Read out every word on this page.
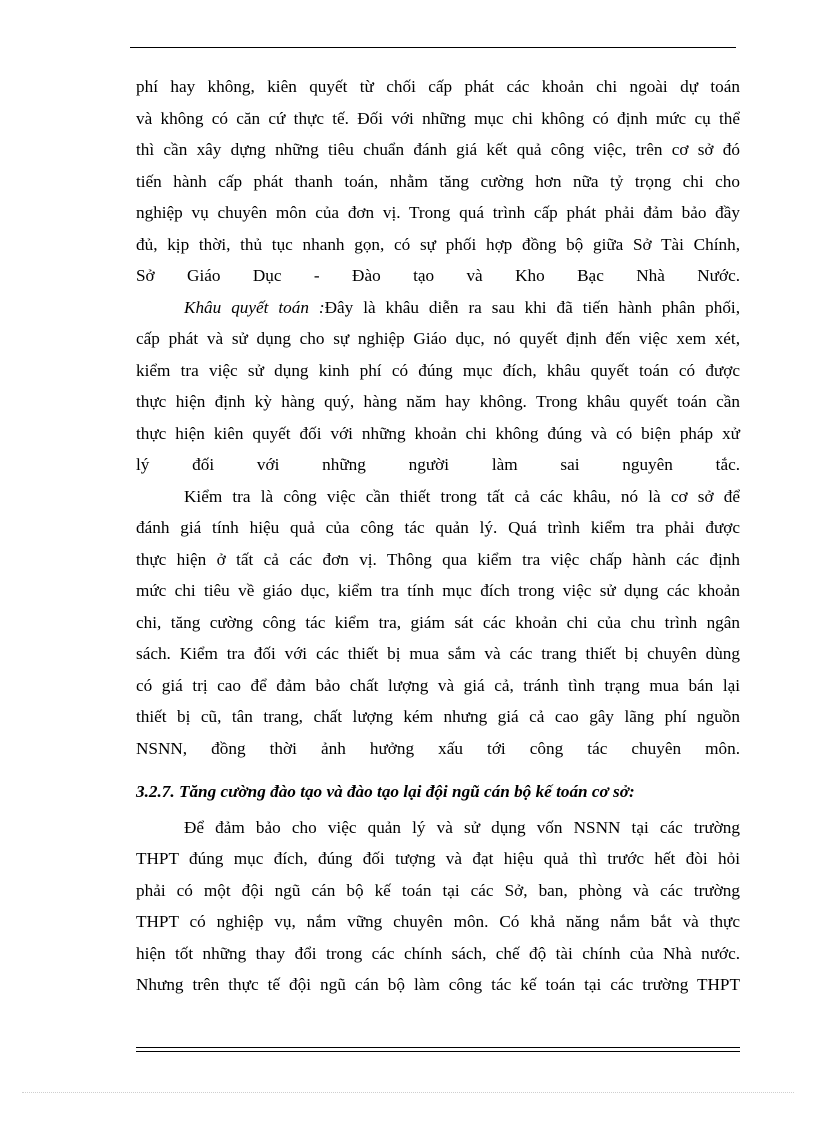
phí hay không, kiên quyết từ chối cấp phát các khoản chi ngoài dự toán
và không có căn cứ thực tế. Đối với những mục chi không có định mức cụ thể
thì cần xây dựng những tiêu chuẩn đánh giá kết quả công việc, trên cơ sở đó
tiến hành cấp phát thanh toán, nhằm tăng cường hơn nữa tỷ trọng chi cho
nghiệp vụ chuyên môn của đơn vị. Trong quá trình cấp phát phải đảm bảo đầy
đủ, kịp thời, thủ tục nhanh gọn, có sự phối hợp đồng bộ giữa Sở Tài Chính,
Sở Giáo Dục - Đào tạo và Kho Bạc Nhà Nước.

Khâu quyết toán :Đây là khâu diễn ra sau khi đã tiến hành phân phối,
cấp phát và sử dụng cho sự nghiệp Giáo dục, nó quyết định đến việc xem xét,
kiểm tra việc sử dụng kinh phí có đúng mục đích, khâu quyết toán có được
thực hiện định kỳ hàng quý, hàng năm hay không. Trong khâu quyết toán cần
thực hiện kiên quyết đối với những khoản chi không đúng và có biện pháp xử
lý đối với những người làm sai nguyên tắc.

Kiểm tra là công việc cần thiết trong tất cả các khâu, nó là cơ sở để
đánh giá tính hiệu quả của công tác quản lý. Quá trình kiểm tra phải được
thực hiện ở tất cả các đơn vị. Thông qua kiểm tra việc chấp hành các định
mức chi tiêu về giáo dục, kiểm tra tính mục đích trong việc sử dụng các khoản
chi, tăng cường công tác kiểm tra, giám sát các khoản chi của chu trình ngân
sách. Kiểm tra đối với các thiết bị mua sắm và các trang thiết bị chuyên dùng
có giá trị cao để đảm bảo chất lượng và giá cả, tránh tình trạng mua bán lại
thiết bị cũ, tân trang, chất lượng kém nhưng giá cả cao gây lãng phí nguồn
NSNN, đồng thời ảnh hưởng xấu tới công tác chuyên môn.

3.2.7. Tăng cường đào tạo và đào tạo lại đội ngũ cán bộ kế toán cơ sở:

Để đảm bảo cho việc quản lý và sử dụng vốn NSNN tại các trường
THPT đúng mục đích, đúng đối tượng và đạt hiệu quả thì trước hết đòi hỏi
phải có một đội ngũ cán bộ kế toán tại các Sở, ban, phòng và các trường
THPT có nghiệp vụ, nắm vững chuyên môn. Có khả năng nắm bắt và thực
hiện tốt những thay đổi trong các chính sách, chế độ tài chính của Nhà nước.
Nhưng trên thực tế đội ngũ cán bộ làm công tác kế toán tại các trường THPT
